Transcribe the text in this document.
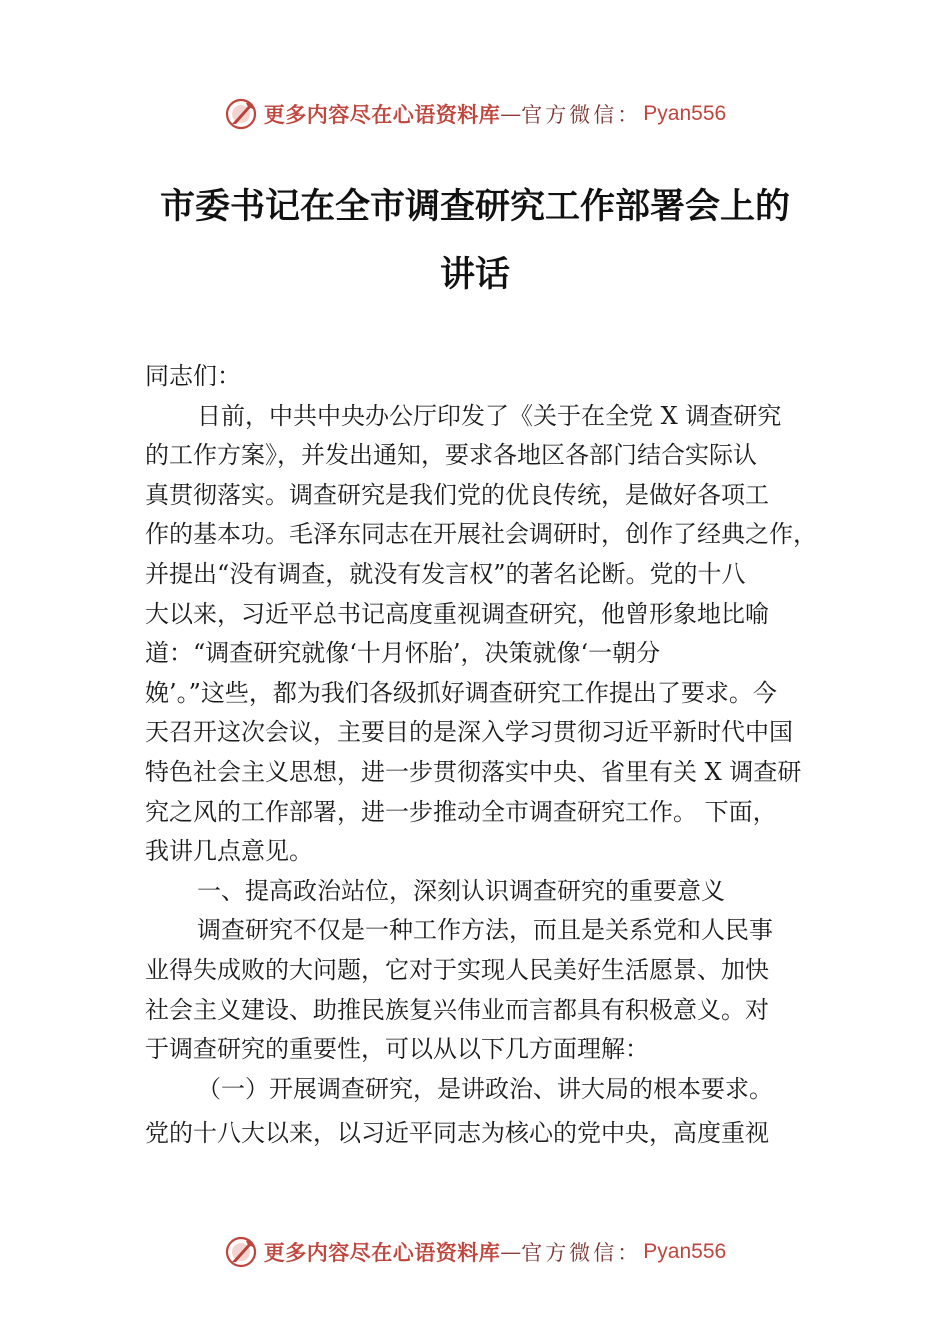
更多内容尽在心语资料库 — 官方微信： Pyan556
市委书记在全市调查研究工作部署会上的
讲话

同志们：

日前，中共中央办公厅印发了《关于在全党 X 调查研究

的工作方案》，并发出通知，要求各地区各部门结合实际认

真贯彻落实。调查研究是我们党的优良传统，是做好各项工

作的基本功。毛泽东同志在开展社会调研时，创作了经典之作，

并提出“没有调查，就没有发言权”的著名论断。党的十八

大以来，习近平总书记高度重视调查研究，他曾形象地比喻

道：“调查研究就像‘十月怀胎’，决策就像‘一朝分

娩’。”这些，都为我们各级抓好调查研究工作提出了要求。今

天召开这次会议，主要目的是深入学习贯彻习近平新时代中国

特色社会主义思想，进一步贯彻落实中央、省里有关 X 调查研

究之风的工作部署，进一步推动全市调查研究工作。 下面，

我讲几点意见。

一、提高政治站位，深刻认识调查研究的重要意义

调查研究不仅是一种工作方法，而且是关系党和人民事

业得失成败的大问题，它对于实现人民美好生活愿景、加快

社会主义建设、助推民族复兴伟业而言都具有积极意义。对

于调查研究的重要性，可以从以下几方面理解：

（一）开展调查研究，是讲政治、讲大局的根本要求。

党的十八大以来，以习近平同志为核心的党中央，高度重视

更多内容尽在心语资料库 — 官方微信： Pyan556
